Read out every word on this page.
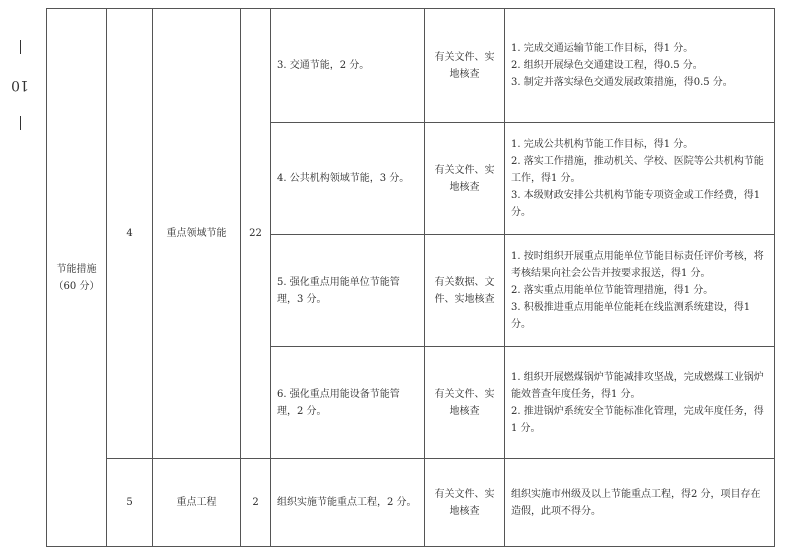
10
节能措施
（60 分）	4	重点领域节能	22	3. 交通节能，2 分。	有关文件、实地核查	1. 完成交通运输节能工作目标，得1 分。
2. 组织开展绿色交通建设工程，得0.5 分。
3. 制定并落实绿色交通发展政策措施，得0.5 分。

				4. 公共机构领域节能，3 分。	有关文件、实地核查	1. 完成公共机构节能工作目标，得1 分。
2. 落实工作措施，推动机关、学校、医院等公共机构节能工作，得1 分。
3. 本级财政安排公共机构节能专项资金或工作经费，得1 分。

				5. 强化重点用能单位节能管理，3 分。	有关数据、文件、实地核查	1. 按时组织开展重点用能单位节能目标责任评价考核，将考核结果向社会公告并按要求报送，得1 分。
2. 落实重点用能单位节能管理措施，得1 分。
3. 积极推进重点用能单位能耗在线监测系统建设，得1 分。

				6. 强化重点用能设备节能管理，2 分。	有关文件、实地核查	1. 组织开展燃煤锅炉节能减排攻坚战，完成燃煤工业锅炉能效普查年度任务，得1 分。
2. 推进锅炉系统安全节能标准化管理，完成年度任务，得1 分。

	5	重点工程	2	组织实施节能重点工程，2 分。	有关文件、实地核查	组织实施市州级及以上节能重点工程，得2 分，项目存在造假，此项不得分。
